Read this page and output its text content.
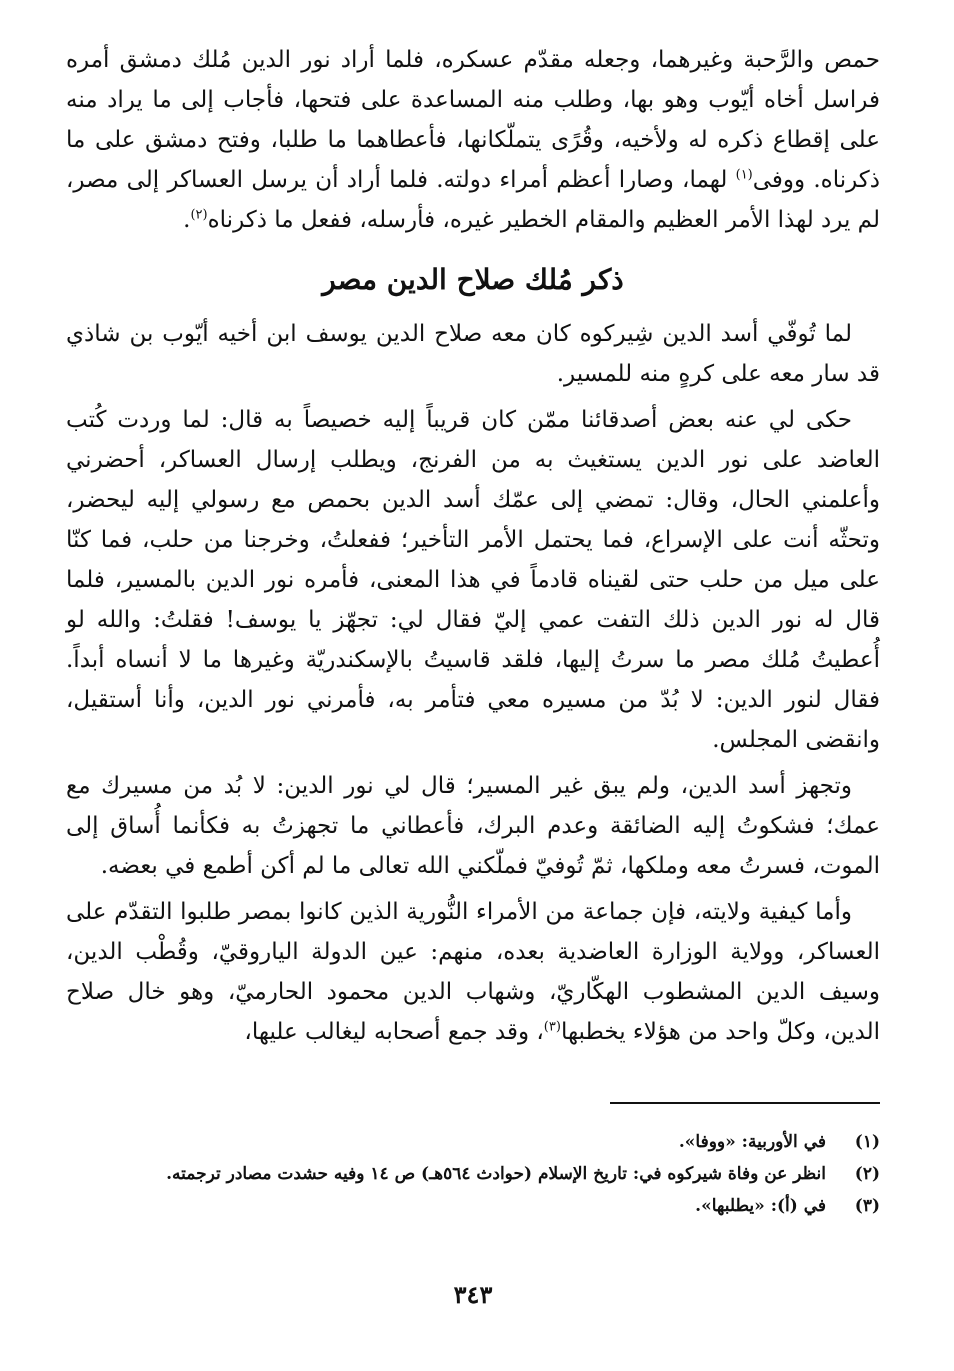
حمص والرَّحبة وغيرهما، وجعله مقدّم عسكره، فلما أراد نور الدين مُلك دمشق أمره فراسل أخاه أيّوب وهو بها، وطلب منه المساعدة على فتحها، فأجاب إلى ما يراد منه على إقطاع ذكره له ولأخيه، وقُرًى يتملّكانها، فأعطاهما ما طلبا، وفتح دمشق على ما ذكرناه. ووفى$^{(١)}$ لهما، وصارا أعظم أمراء دولته. فلما أراد أن يرسل العساكر إلى مصر، لم يرد لهذا الأمر العظيم والمقام الخطير غيره، فأرسله، ففعل ما ذكرناه$^{(٢)}$.

ذكر مُلك صلاح الدين مصر

لما تُوفّي أسد الدين شِيركوه كان معه صلاح الدين يوسف ابن أخيه أيّوب بن شاذي قد سار معه على كرهٍ منه للمسير.

حكى لي عنه بعض أصدقائنا ممّن كان قريباً إليه خصيصاً به قال: لما وردت كُتب العاضد على نور الدين يستغيث به من الفرنج، ويطلب إرسال العساكر، أحضرني وأعلمني الحال، وقال: تمضي إلى عمّك أسد الدين بحمص مع رسولي إليه ليحضر، وتحثّه أنت على الإسراع، فما يحتمل الأمر التأخير؛ ففعلتُ، وخرجنا من حلب، فما كنّا على ميل من حلب حتى لقيناه قادماً في هذا المعنى، فأمره نور الدين بالمسير، فلما قال له نور الدين ذلك التفت عمي إليّ فقال لي: تجهّز يا يوسف! فقلتُ: والله لو أُعطيتُ مُلك مصر ما سرتُ إليها، فلقد قاسيتُ بالإسكندريّة وغيرها ما لا أنساه أبداً. فقال لنور الدين: لا بُدّ من مسيره معي فتأمر به، فأمرني نور الدين، وأنا أستقيل، وانقضى المجلس.

وتجهز أسد الدين، ولم يبق غير المسير؛ قال لي نور الدين: لا بُد من مسيرك مع عمك؛ فشكوتُ إليه الضائقة وعدم البرك، فأعطاني ما تجهزتُ به فكأنما أُساق إلى الموت، فسرتُ معه وملكها، ثمّ تُوفيّ فملّكني الله تعالى ما لم أكن أطمع في بعضه.

وأما كيفية ولايته، فإن جماعة من الأمراء النُّورية الذين كانوا بمصر طلبوا التقدّم على العساكر، وولاية الوزارة العاضدية بعده، منهم: عين الدولة الياروقيّ، وقُطْب الدين، وسيف الدين المشطوب الهكّاريّ، وشهاب الدين محمود الحارميّ، وهو خال صلاح الدين، وكلّ واحد من هؤلاء يخطبها$^{(٣)}$، وقد جمع أصحابه ليغالب عليها،

(١)
في الأوربية: «ووفا».
(٢)
انظر عن وفاة شيركوه في: تاريخ الإسلام (حوادث ٥٦٤هـ) ص ١٤ وفيه حشدت مصادر ترجمته.
(٣)
في (أ): «يطلبها».
٣٤٣
